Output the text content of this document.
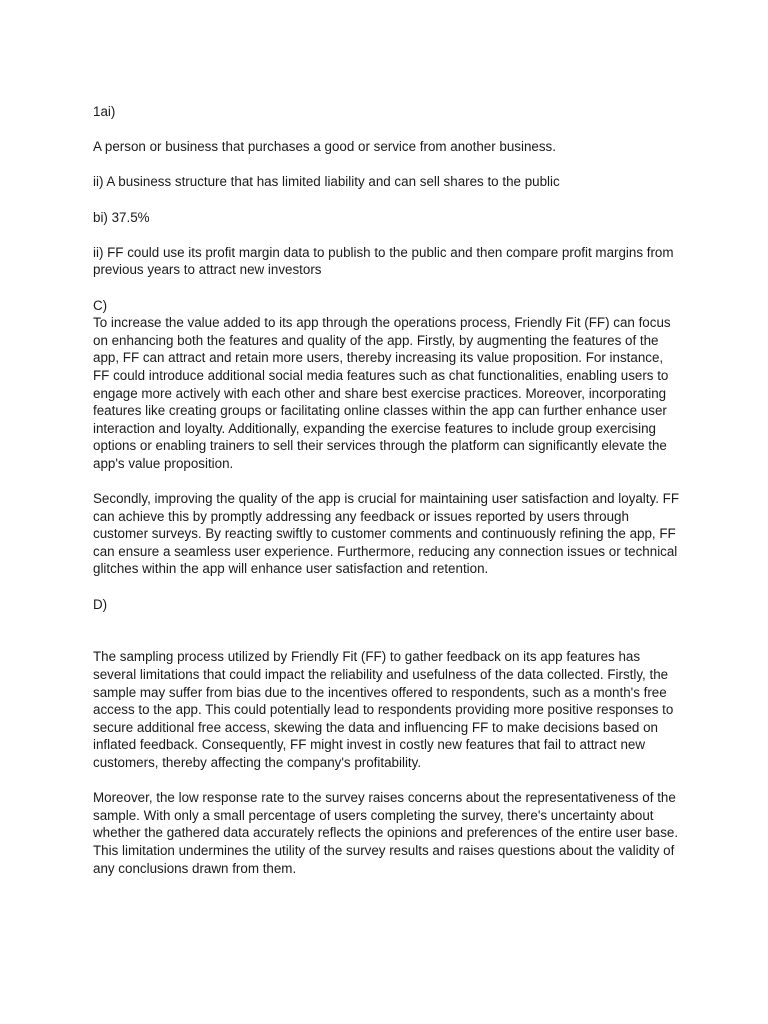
1ai)

A person or business that purchases a good or service from another business.

ii) A business structure that has limited liability and can sell shares to the public

bi) 37.5%

ii) FF could use its profit margin data to publish to the public and then compare profit margins from previous years to attract new investors

C)

To increase the value added to its app through the operations process, Friendly Fit (FF) can focus on enhancing both the features and quality of the app. Firstly, by augmenting the features of the app, FF can attract and retain more users, thereby increasing its value proposition. For instance, FF could introduce additional social media features such as chat functionalities, enabling users to engage more actively with each other and share best exercise practices. Moreover, incorporating features like creating groups or facilitating online classes within the app can further enhance user interaction and loyalty. Additionally, expanding the exercise features to include group exercising options or enabling trainers to sell their services through the platform can significantly elevate the app's value proposition.

Secondly, improving the quality of the app is crucial for maintaining user satisfaction and loyalty. FF can achieve this by promptly addressing any feedback or issues reported by users through customer surveys. By reacting swiftly to customer comments and continuously refining the app, FF can ensure a seamless user experience. Furthermore, reducing any connection issues or technical glitches within the app will enhance user satisfaction and retention.

D)

The sampling process utilized by Friendly Fit (FF) to gather feedback on its app features has several limitations that could impact the reliability and usefulness of the data collected. Firstly, the sample may suffer from bias due to the incentives offered to respondents, such as a month's free access to the app. This could potentially lead to respondents providing more positive responses to secure additional free access, skewing the data and influencing FF to make decisions based on inflated feedback. Consequently, FF might invest in costly new features that fail to attract new customers, thereby affecting the company's profitability.

Moreover, the low response rate to the survey raises concerns about the representativeness of the sample. With only a small percentage of users completing the survey, there's uncertainty about whether the gathered data accurately reflects the opinions and preferences of the entire user base. This limitation undermines the utility of the survey results and raises questions about the validity of any conclusions drawn from them.
